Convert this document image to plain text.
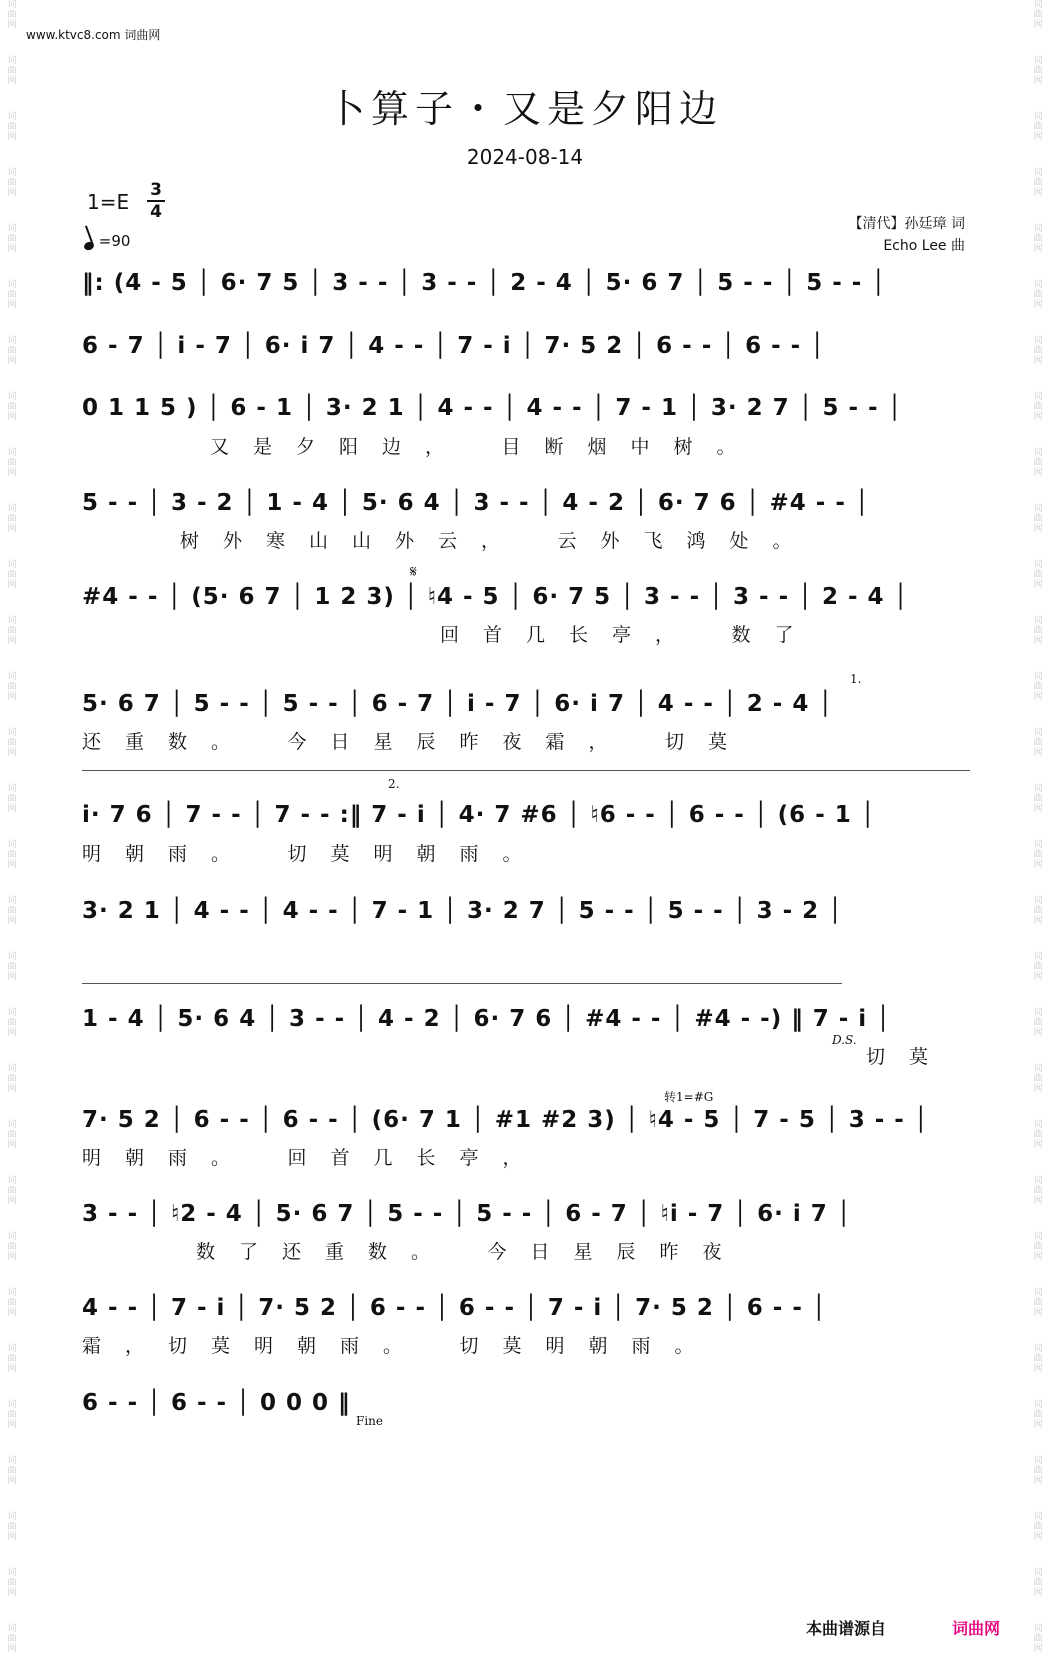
词曲网
词曲网
词曲网
词曲网
词曲网
词曲网
词曲网
词曲网
词曲网
词曲网
词曲网
词曲网
词曲网
词曲网
词曲网
词曲网
词曲网
词曲网
词曲网
词曲网
词曲网
词曲网
词曲网
词曲网
词曲网
词曲网
词曲网
词曲网
词曲网
词曲网
词曲网
词曲网
词曲网
词曲网
词曲网
词曲网
词曲网
词曲网
词曲网
词曲网
词曲网
词曲网
词曲网
词曲网
词曲网
词曲网
词曲网
词曲网
词曲网
词曲网
词曲网
词曲网
词曲网
词曲网
词曲网
词曲网
词曲网
词曲网
词曲网
词曲网
www.ktvc8.com 词曲网
卜算子・又是夕阳边
2024-08-14
1=E 3
4
=90
【清代】孙廷璋 词
Echo Lee 曲
‖: (4 - 5 │ 6· 7 5 │ 3 - - │ 3 - - │ 2 - 4 │ 5· 6 7 │ 5 - - │ 5 - - │
6 - 7 │ i - 7 │ 6· i 7 │ 4 - - │ 7 - i │ 7· 5 2 │ 6 - - │ 6 - - │
0 1 1 5 ) │ 6 - 1 │ 3· 2 1 │ 4 - - │ 4 - - │ 7 - 1 │ 3· 2 7 │ 5 - - │
又是夕阳边，　目断烟中树。
5 - - │ 3 - 2 │ 1 - 4 │ 5· 6 4 │ 3 - - │ 4 - 2 │ 6· 7 6 │ #4 - - │
树外寒山山外云，　云外飞鸿处。
𝄋
#4 - - │ (5· 6 7 │ 1 2 3) │ ♮4 - 5 │ 6· 7 5 │ 3 - - │ 3 - - │ 2 - 4 │
回首几长亭，　数了
1.
5· 6 7 │ 5 - - │ 5 - - │ 6 - 7 │ i - 7 │ 6· i 7 │ 4 - - │ 2 - 4 │
还重数。　今日星辰昨夜霜，　切莫
2.
i· 7 6 │ 7 - - │ 7 - - :‖ 7 - i │ 4· 7 #6 │ ♮6 - - │ 6 - - │ (6 - 1 │
明朝雨。　切莫明朝雨。
3· 2 1 │ 4 - - │ 4 - - │ 7 - 1 │ 3· 2 7 │ 5 - - │ 5 - - │ 3 - 2 │
1 - 4 │ 5· 6 4 │ 3 - - │ 4 - 2 │ 6· 7 6 │ #4 - - │ #4 - -) ‖ 7 - i │
D.S.
切莫
转1=#G
7· 5 2 │ 6 - - │ 6 - - │ (6· 7 1 │ #1 #2 3) │ ♮4 - 5 │ 7 - 5 │ 3 - - │
明朝雨。　回首几长亭，
3 - - │ ♮2 - 4 │ 5· 6 7 │ 5 - - │ 5 - - │ 6 - 7 │ ♮i - 7 │ 6· i 7 │
数了还重数。　今日星辰昨夜
4 - - │ 7 - i │ 7· 5 2 │ 6 - - │ 6 - - │ 7 - i │ 7· 5 2 │ 6 - - │
霜，切莫明朝雨。　切莫明朝雨。
6 - - │ 6 - - │ 0 0 0 ‖
Fine
本曲谱源自	词曲网
